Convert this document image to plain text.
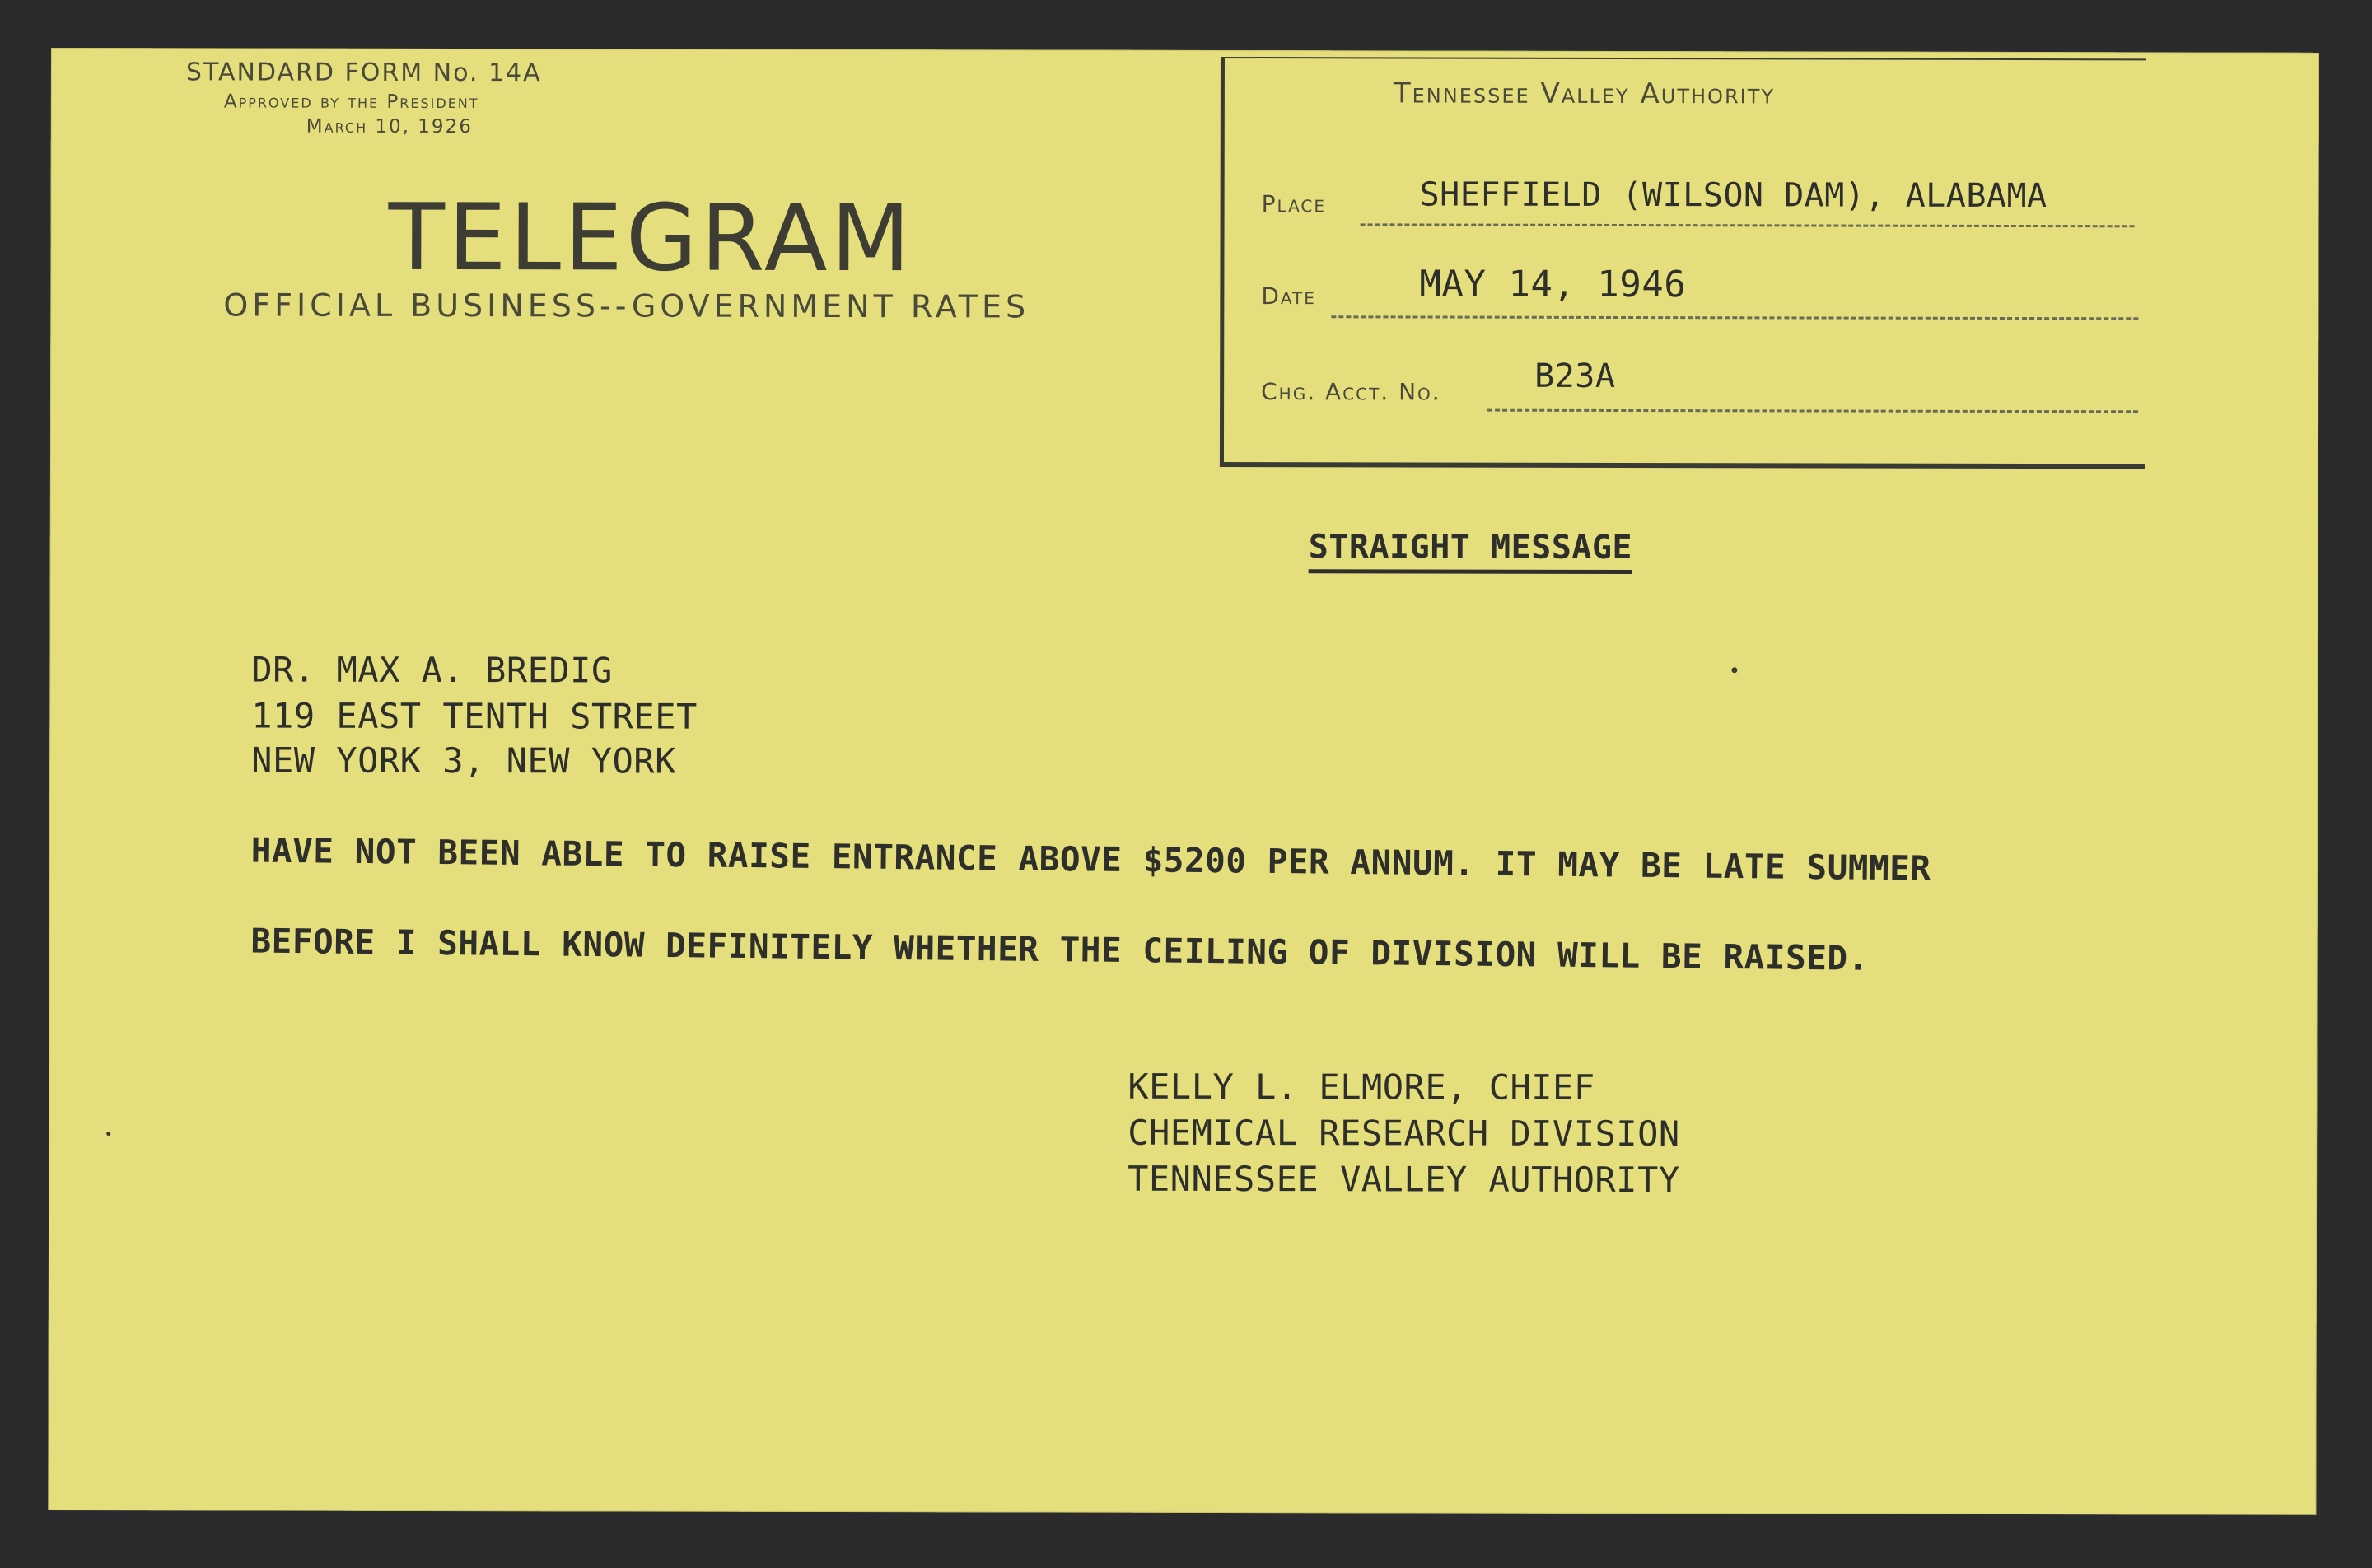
STANDARD FORM No. 14A
Approved by the President
March 10, 1926
TELEGRAM
OFFICIAL BUSINESS--GOVERNMENT RATES
Tennessee Valley Authority
Place	SHEFFIELD (WILSON DAM), ALABAMA
Date	MAY 14, 1946
Chg. Acct. No.	B23A
STRAIGHT MESSAGE
DR. MAX A. BREDIG
119 EAST TENTH STREET
NEW YORK 3, NEW YORK
HAVE NOT BEEN ABLE TO RAISE ENTRANCE ABOVE $5200 PER ANNUM. IT MAY BE LATE SUMMER
BEFORE I SHALL KNOW DEFINITELY WHETHER THE CEILING OF DIVISION WILL BE RAISED.
KELLY L. ELMORE, CHIEF
CHEMICAL RESEARCH DIVISION
TENNESSEE VALLEY AUTHORITY
